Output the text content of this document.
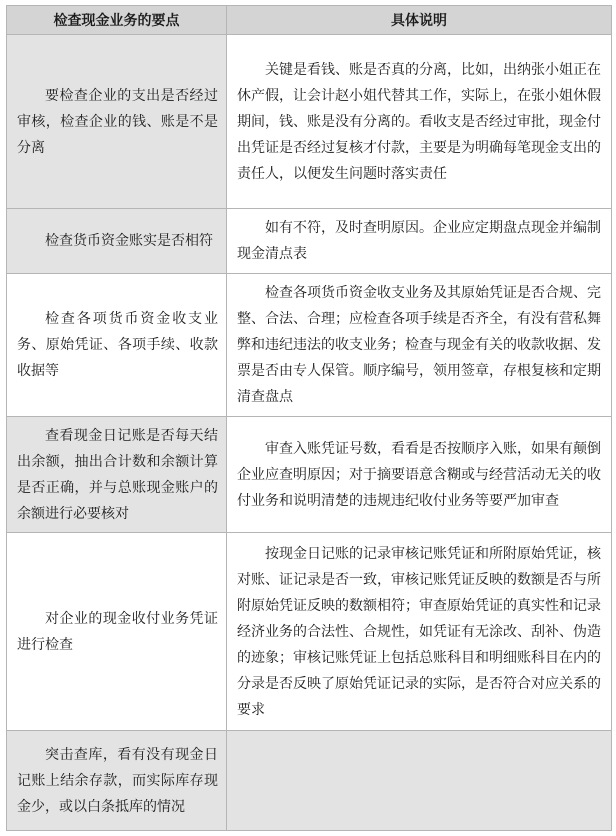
检查现金业务的要点	具体说明
要检查企业的支出是否经过审核，检查企业的钱、账是不是分离	关键是看钱、账是否真的分离，比如，出纳张小姐正在休产假，让会计赵小姐代替其工作，实际上，在张小姐休假期间，钱、账是没有分离的。看收支是否经过审批，现金付出凭证是否经过复核才付款，主要是为明确每笔现金支出的责任人，以便发生问题时落实责任
检查货币资金账实是否相符	如有不符，及时查明原因。企业应定期盘点现金并编制现金清点表
检查各项货币资金收支业务、原始凭证、各项手续、收款收据等	检查各项货币资金收支业务及其原始凭证是否合规、完整、合法、合理；应检查各项手续是否齐全，有没有营私舞弊和违纪违法的收支业务；检查与现金有关的收款收据、发票是否由专人保管。顺序编号，领用签章，存根复核和定期清查盘点
查看现金日记账是否每天结出余额，抽出合计数和余额计算是否正确，并与总账现金账户的余额进行必要核对	审查入账凭证号数，看看是否按顺序入账，如果有颠倒企业应查明原因；对于摘要语意含糊或与经营活动无关的收付业务和说明清楚的违规违纪收付业务等要严加审查
对企业的现金收付业务凭证进行检查	按现金日记账的记录审核记账凭证和所附原始凭证，核对账、证记录是否一致，审核记账凭证反映的数额是否与所附原始凭证反映的数额相符；审查原始凭证的真实性和记录经济业务的合法性、合规性，如凭证有无涂改、刮补、伪造的迹象；审核记账凭证上包括总账科目和明细账科目在内的分录是否反映了原始凭证记录的实际，是否符合对应关系的要求
突击查库，看有没有现金日记账上结余存款，而实际库存现金少，或以白条抵库的情况	
